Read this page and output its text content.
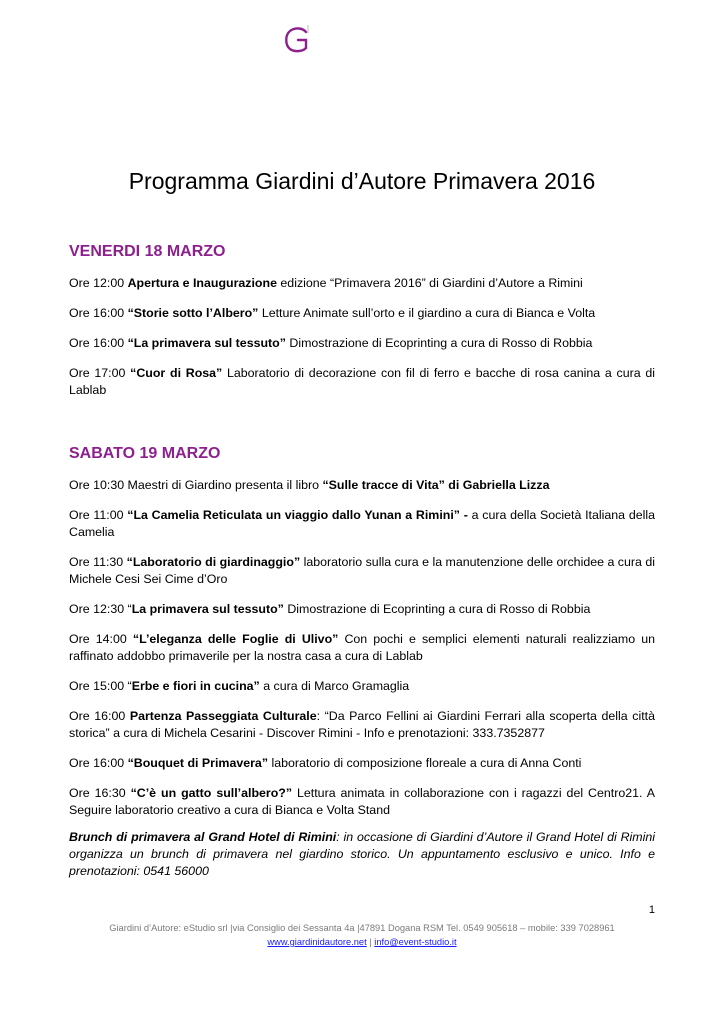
Programma Giardini d’Autore Primavera 2016
VENERDI 18 MARZO

Ore 12:00 Apertura e Inaugurazione edizione “Primavera 2016” di Giardini d’Autore a Rimini

Ore 16:00 “Storie sotto l’Albero” Letture Animate sull’orto e il giardino a cura di Bianca e Volta

Ore 16:00 “La primavera sul tessuto” Dimostrazione di Ecoprinting a cura di Rosso di Robbia

Ore 17:00 “Cuor di Rosa” Laboratorio di decorazione con fil di ferro e bacche di rosa canina a cura di Lablab

SABATO 19 MARZO

Ore 10:30 Maestri di Giardino presenta il libro “Sulle tracce di Vita” di Gabriella Lizza

Ore 11:00 “La Camelia Reticulata un viaggio dallo Yunan a Rimini” - a cura della Società Italiana della Camelia

Ore 11:30 “Laboratorio di giardinaggio” laboratorio sulla cura e la manutenzione delle orchidee a cura di Michele Cesi Sei Cime d’Oro

Ore 12:30 “La primavera sul tessuto” Dimostrazione di Ecoprinting a cura di Rosso di Robbia

Ore 14:00 “L’eleganza delle Foglie di Ulivo” Con pochi e semplici elementi naturali realizziamo un raffinato addobbo primaverile per la nostra casa a cura di Lablab

Ore 15:00 “Erbe e fiori in cucina” a cura di Marco Gramaglia

Ore 16:00 Partenza Passeggiata Culturale: “Da Parco Fellini ai Giardini Ferrari alla scoperta della città storica” a cura di Michela Cesarini - Discover Rimini - Info e prenotazioni: 333.7352877

Ore 16:00 “Bouquet di Primavera” laboratorio di composizione floreale a cura di Anna Conti

Ore 16:30 “C’è un gatto sull’albero?” Lettura animata in collaborazione con i ragazzi del Centro21. A Seguire laboratorio creativo a cura di Bianca e Volta Stand

Brunch di primavera al Grand Hotel di Rimini: in occasione di Giardini d’Autore il Grand Hotel di Rimini organizza un brunch di primavera nel giardino storico. Un appuntamento esclusivo e unico. Info e prenotazioni: 0541 56000

1
Giardini d’Autore: eStudio srl |via Consiglio dei Sessanta 4a |47891 Dogana RSM Tel. 0549 905618 – mobile: 339 7028961
www.giardinidautore.net | info@event-studio.it
